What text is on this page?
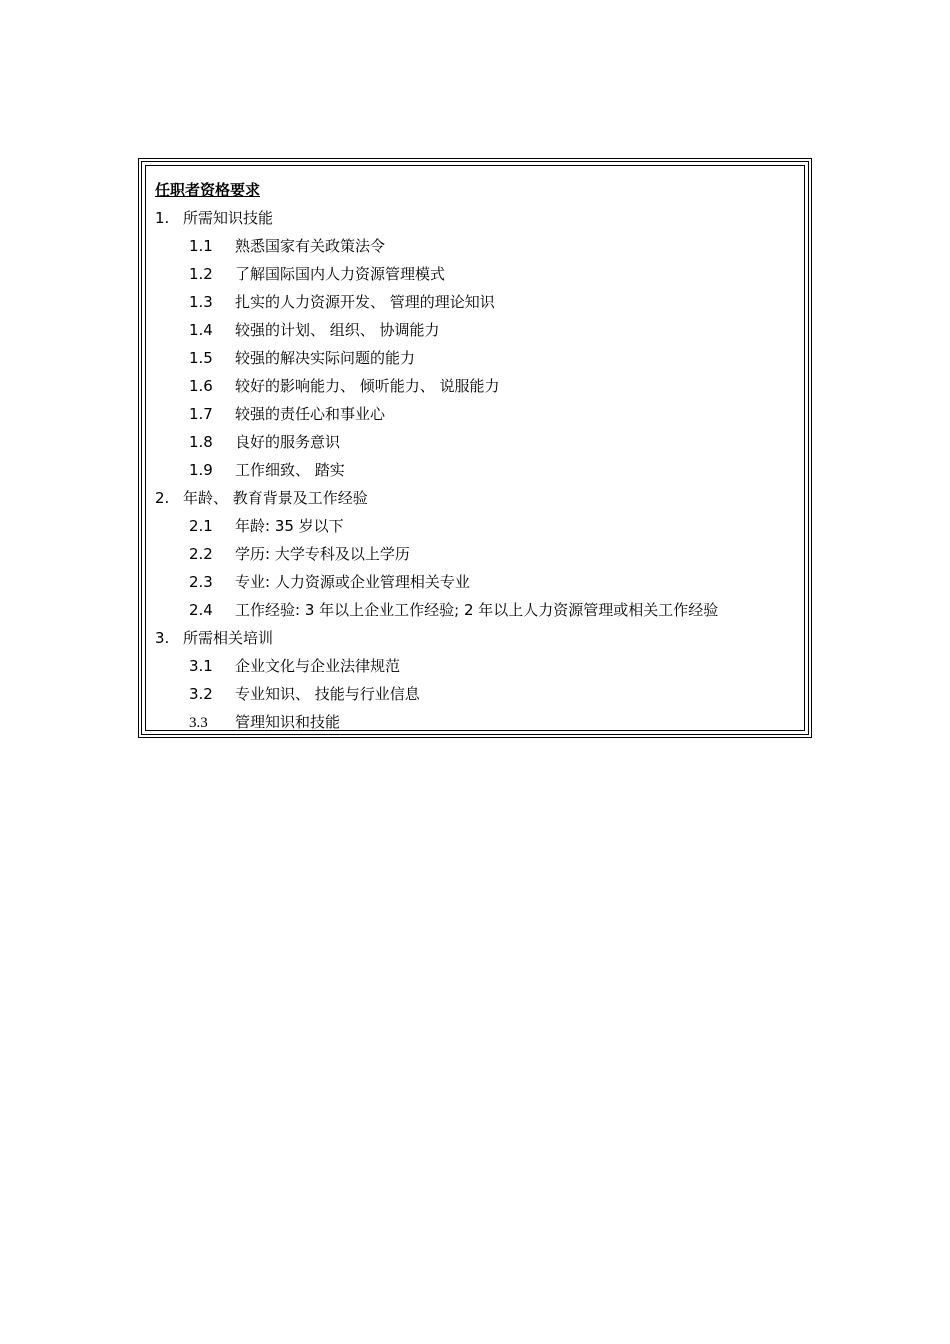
任职者资格要求
1. 所需知识技能
1.1 熟悉国家有关政策法令
1.2 了解国际国内人力资源管理模式
1.3 扎实的人力资源开发、 管理的理论知识
1.4 较强的计划、 组织、 协调能力
1.5 较强的解决实际问题的能力
1.6 较好的影响能力、 倾听能力、 说服能力
1.7 较强的责任心和事业心
1.8 良好的服务意识
1.9 工作细致、 踏实
2. 年龄、 教育背景及工作经验
2.1 年龄: 35 岁以下
2.2 学历: 大学专科及以上学历
2.3 专业: 人力资源或企业管理相关专业
2.4 工作经验: 3 年以上企业工作经验; 2 年以上人力资源管理或相关工作经验
3. 所需相关培训
3.1 企业文化与企业法律规范
3.2 专业知识、 技能与行业信息
3.3 管理知识和技能
